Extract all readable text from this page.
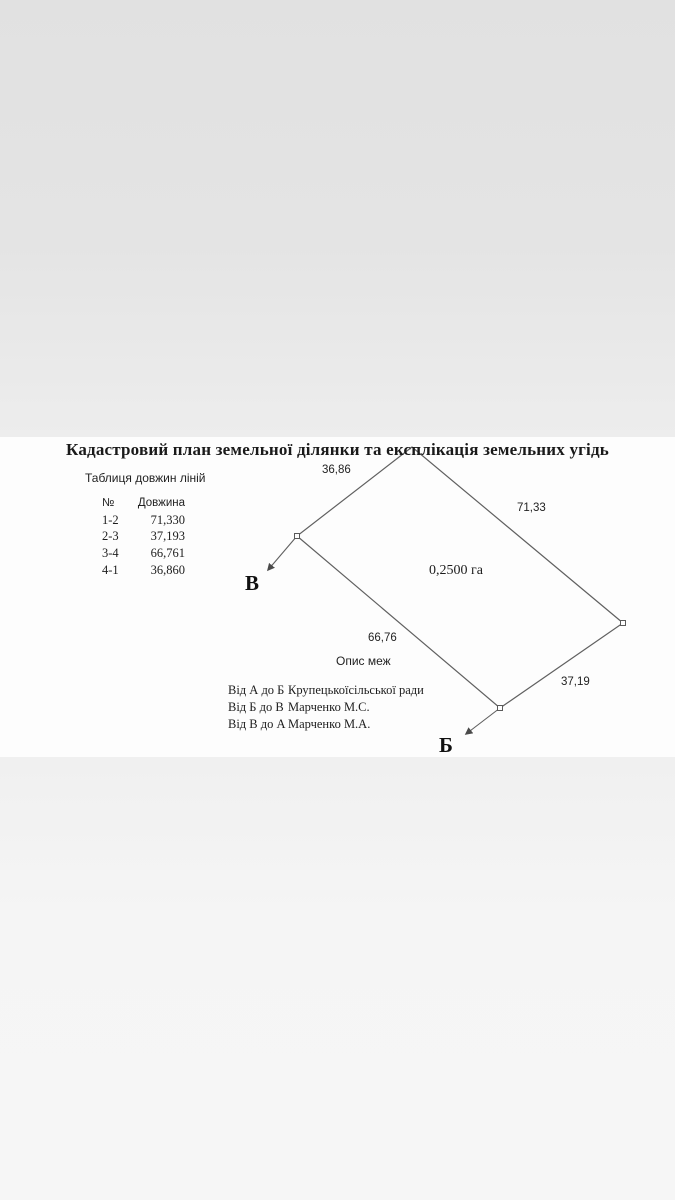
Кадастровий план земельної ділянки та експлікація земельних угідь
Таблиця довжин ліній
№	Довжина
1-2	71,330
2-3	37,193
3-4	66,761
4-1	36,860
36,86
71,33
0,2500 га
66,76
37,19
В
Б
Опис меж
Від А до Б Крупецькоїсільської ради
Від Б до В Марченко М.С.
Від В до А Марченко М.А.
